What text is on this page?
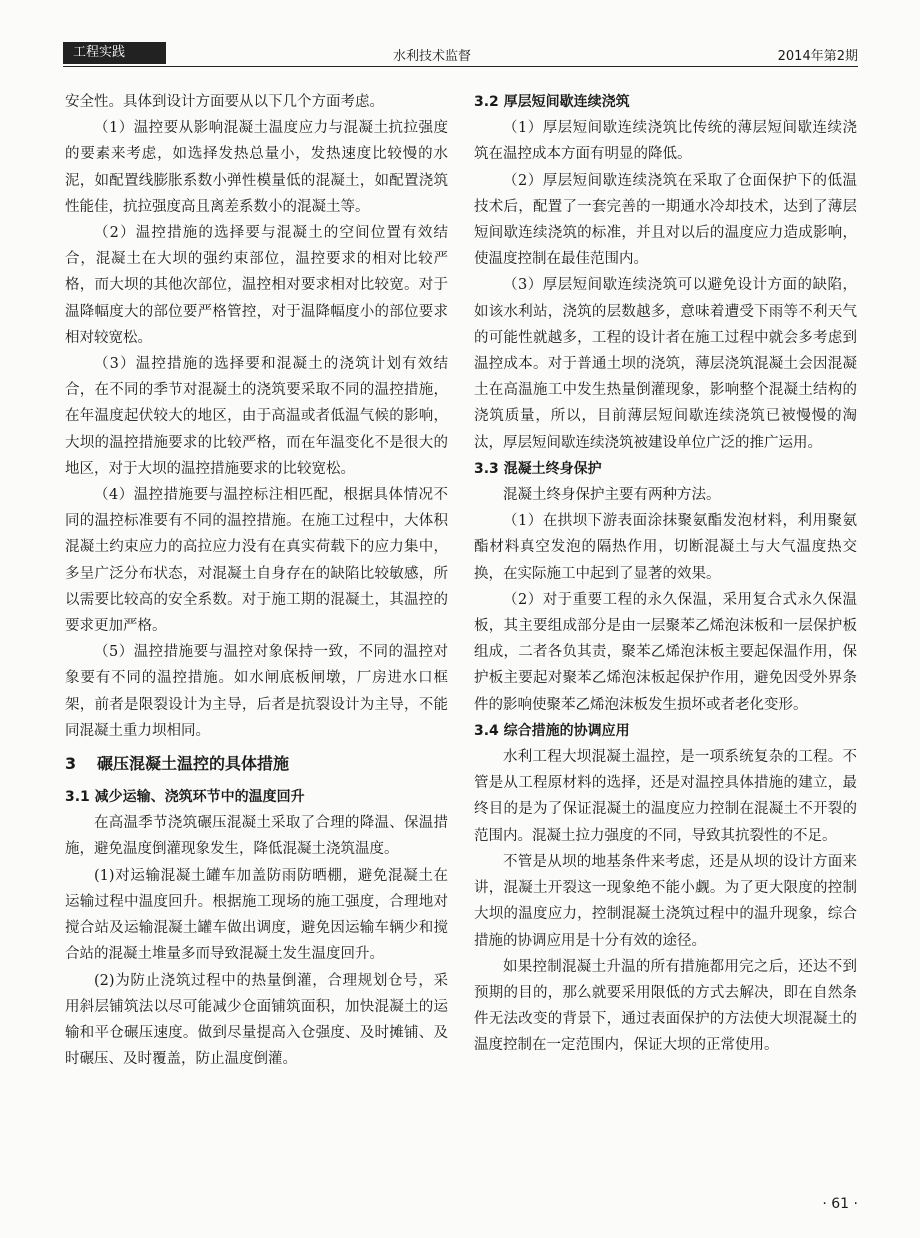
工程实践	水利技术监督	2014年第2期

安全性。具体到设计方面要从以下几个方面考虑。

（1）温控要从影响混凝土温度应力与混凝土抗拉强度的要素来考虑，如选择发热总量小，发热速度比较慢的水泥，如配置线膨胀系数小弹性模量低的混凝土，如配置浇筑性能佳，抗拉强度高且离差系数小的混凝土等。

（2）温控措施的选择要与混凝土的空间位置有效结合，混凝土在大坝的强约束部位，温控要求的相对比较严格，而大坝的其他次部位，温控相对要求相对比较宽。对于温降幅度大的部位要严格管控，对于温降幅度小的部位要求相对较宽松。

（3）温控措施的选择要和混凝土的浇筑计划有效结合，在不同的季节对混凝土的浇筑要采取不同的温控措施，在年温度起伏较大的地区，由于高温或者低温气候的影响，大坝的温控措施要求的比较严格，而在年温变化不是很大的地区，对于大坝的温控措施要求的比较宽松。

（4）温控措施要与温控标注相匹配，根据具体情况不同的温控标准要有不同的温控措施。在施工过程中，大体积混凝土约束应力的高拉应力没有在真实荷载下的应力集中，多呈广泛分布状态，对混凝土自身存在的缺陷比较敏感，所以需要比较高的安全系数。对于施工期的混凝土，其温控的要求更加严格。

（5）温控措施要与温控对象保持一致，不同的温控对象要有不同的温控措施。如水闸底板闸墩，厂房进水口框架，前者是限裂设计为主导，后者是抗裂设计为主导，不能同混凝土重力坝相同。

3 碾压混凝土温控的具体措施
3.1 减少运输、浇筑环节中的温度回升

在高温季节浇筑碾压混凝土采取了合理的降温、保温措施，避免温度倒灌现象发生，降低混凝土浇筑温度。

(1)对运输混凝土罐车加盖防雨防晒棚，避免混凝土在运输过程中温度回升。根据施工现场的施工强度，合理地对搅合站及运输混凝土罐车做出调度，避免因运输车辆少和搅合站的混凝土堆量多而导致混凝土发生温度回升。

(2)为防止浇筑过程中的热量倒灌，合理规划仓号，采用斜层铺筑法以尽可能减少仓面铺筑面积，加快混凝土的运输和平仓碾压速度。做到尽量提高入仓强度、及时摊铺、及时碾压、及时覆盖，防止温度倒灌。

3.2 厚层短间歇连续浇筑

（1）厚层短间歇连续浇筑比传统的薄层短间歇连续浇筑在温控成本方面有明显的降低。

（2）厚层短间歇连续浇筑在采取了仓面保护下的低温技术后，配置了一套完善的一期通水冷却技术，达到了薄层短间歇连续浇筑的标准，并且对以后的温度应力造成影响，使温度控制在最佳范围内。

（3）厚层短间歇连续浇筑可以避免设计方面的缺陷，如该水利站，浇筑的层数越多，意味着遭受下雨等不利天气的可能性就越多，工程的设计者在施工过程中就会多考虑到温控成本。对于普通土坝的浇筑，薄层浇筑混凝土会因混凝土在高温施工中发生热量倒灌现象，影响整个混凝土结构的浇筑质量，所以，目前薄层短间歇连续浇筑已被慢慢的淘汰，厚层短间歇连续浇筑被建设单位广泛的推广运用。

3.3 混凝土终身保护

混凝土终身保护主要有两种方法。

（1）在拱坝下游表面涂抹聚氨酯发泡材料，利用聚氨酯材料真空发泡的隔热作用，切断混凝土与大气温度热交换，在实际施工中起到了显著的效果。

（2）对于重要工程的永久保温，采用复合式永久保温板，其主要组成部分是由一层聚苯乙烯泡沫板和一层保护板组成，二者各负其责，聚苯乙烯泡沫板主要起保温作用，保护板主要起对聚苯乙烯泡沫板起保护作用，避免因受外界条件的影响使聚苯乙烯泡沫板发生损坏或者老化变形。

3.4 综合措施的协调应用

水利工程大坝混凝土温控，是一项系统复杂的工程。不管是从工程原材料的选择，还是对温控具体措施的建立，最终目的是为了保证混凝土的温度应力控制在混凝土不开裂的范围内。混凝土拉力强度的不同，导致其抗裂性的不足。

不管是从坝的地基条件来考虑，还是从坝的设计方面来讲，混凝土开裂这一现象绝不能小觑。为了更大限度的控制大坝的温度应力，控制混凝土浇筑过程中的温升现象，综合措施的协调应用是十分有效的途径。

如果控制混凝土升温的所有措施都用完之后，还达不到预期的目的，那么就要采用限低的方式去解决，即在自然条件无法改变的背景下，通过表面保护的方法使大坝混凝土的温度控制在一定范围内，保证大坝的正常使用。

· 61 ·
